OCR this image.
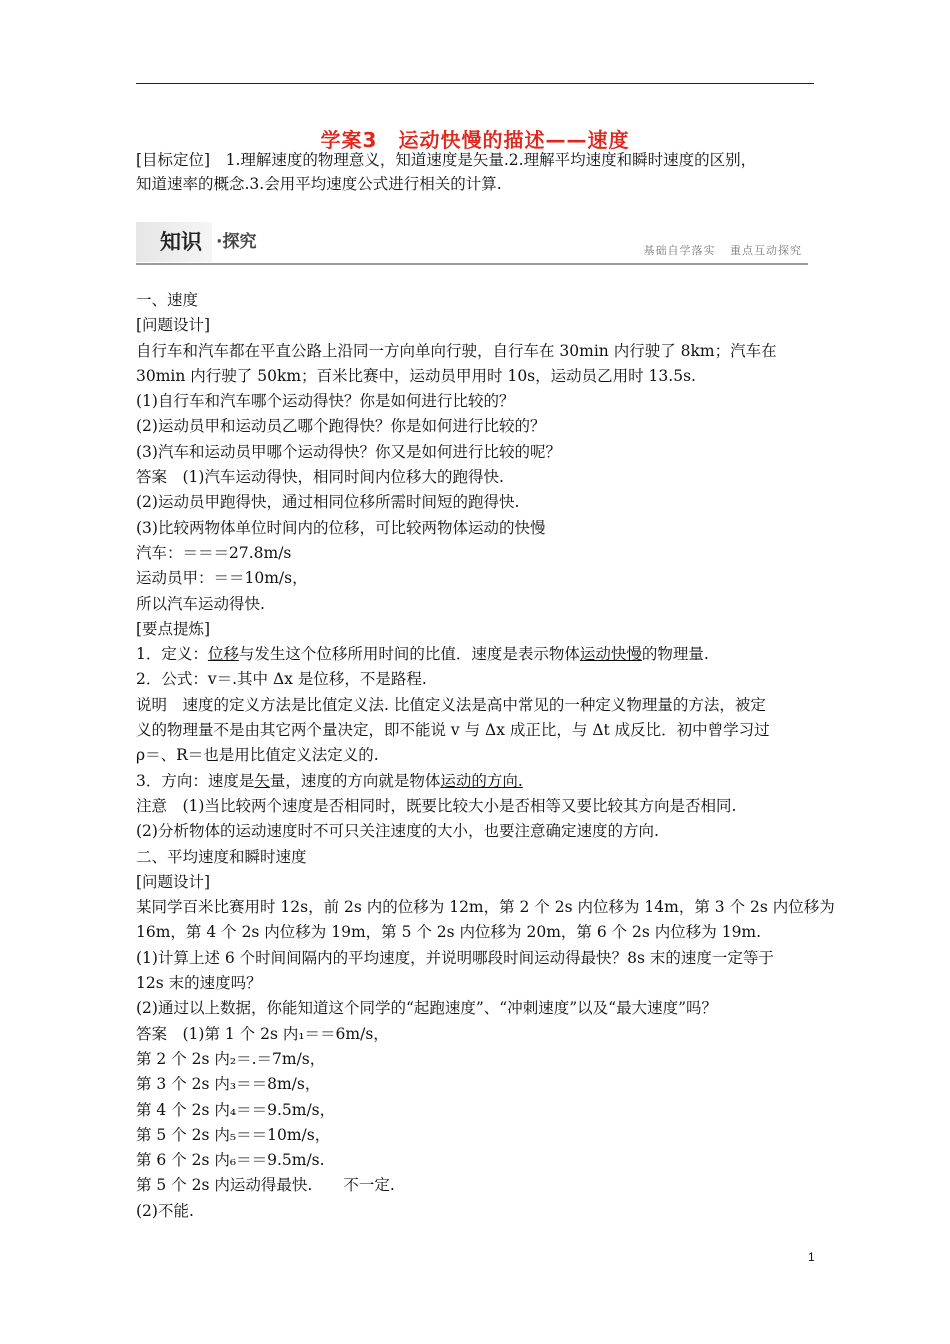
学案3　运动快慢的描述——速度
[目标定位]　1.理解速度的物理意义，知道速度是矢量.2.理解平均速度和瞬时速度的区别，
知道速率的概念.3.会用平均速度公式进行相关的计算.
知识 ·探究	基础自学落实 重点互动探究
一、速度
[问题设计]
自行车和汽车都在平直公路上沿同一方向单向行驶，自行车在 30min 内行驶了 8km；汽车在
30min 内行驶了 50km；百米比赛中，运动员甲用时 10s，运动员乙用时 13.5s.
(1)自行车和汽车哪个运动得快？你是如何进行比较的？
(2)运动员甲和运动员乙哪个跑得快？你是如何进行比较的？
(3)汽车和运动员甲哪个运动得快？你又是如何进行比较的呢？
答案　(1)汽车运动得快，相同时间内位移大的跑得快.
(2)运动员甲跑得快，通过相同位移所需时间短的跑得快.
(3)比较两物体单位时间内的位移，可比较两物体运动的快慢
汽车：＝＝＝27.8m/s
运动员甲：＝＝10m/s，
所以汽车运动得快.
[要点提炼]
1．定义：位移与发生这个位移所用时间的比值．速度是表示物体运动快慢的物理量.
2．公式：v＝.其中 Δx 是位移，不是路程.
说明　速度的定义方法是比值定义法. 比值定义法是高中常见的一种定义物理量的方法，被定
义的物理量不是由其它两个量决定，即不能说 v 与 Δx 成正比，与 Δt 成反比．初中曾学习过
ρ＝、R＝也是用比值定义法定义的.
3．方向：速度是矢量，速度的方向就是物体运动的方向.
注意　(1)当比较两个速度是否相同时，既要比较大小是否相等又要比较其方向是否相同.
(2)分析物体的运动速度时不可只关注速度的大小，也要注意确定速度的方向.
二、平均速度和瞬时速度
[问题设计]
某同学百米比赛用时 12s，前 2s 内的位移为 12m，第 2 个 2s 内位移为 14m，第 3 个 2s 内位移为
16m，第 4 个 2s 内位移为 19m，第 5 个 2s 内位移为 20m，第 6 个 2s 内位移为 19m.
(1)计算上述 6 个时间间隔内的平均速度，并说明哪段时间运动得最快？8s 末的速度一定等于
12s 末的速度吗？
(2)通过以上数据，你能知道这个同学的“起跑速度”、“冲刺速度”以及“最大速度”吗？
答案　(1)第 1 个 2s 内₁＝＝6m/s，
第 2 个 2s 内₂＝.＝7m/s，
第 3 个 2s 内₃＝＝8m/s，
第 4 个 2s 内₄＝＝9.5m/s，
第 5 个 2s 内₅＝＝10m/s，
第 6 个 2s 内₆＝＝9.5m/s.
第 5 个 2s 内运动得最快.　　不一定.
(2)不能.
1
